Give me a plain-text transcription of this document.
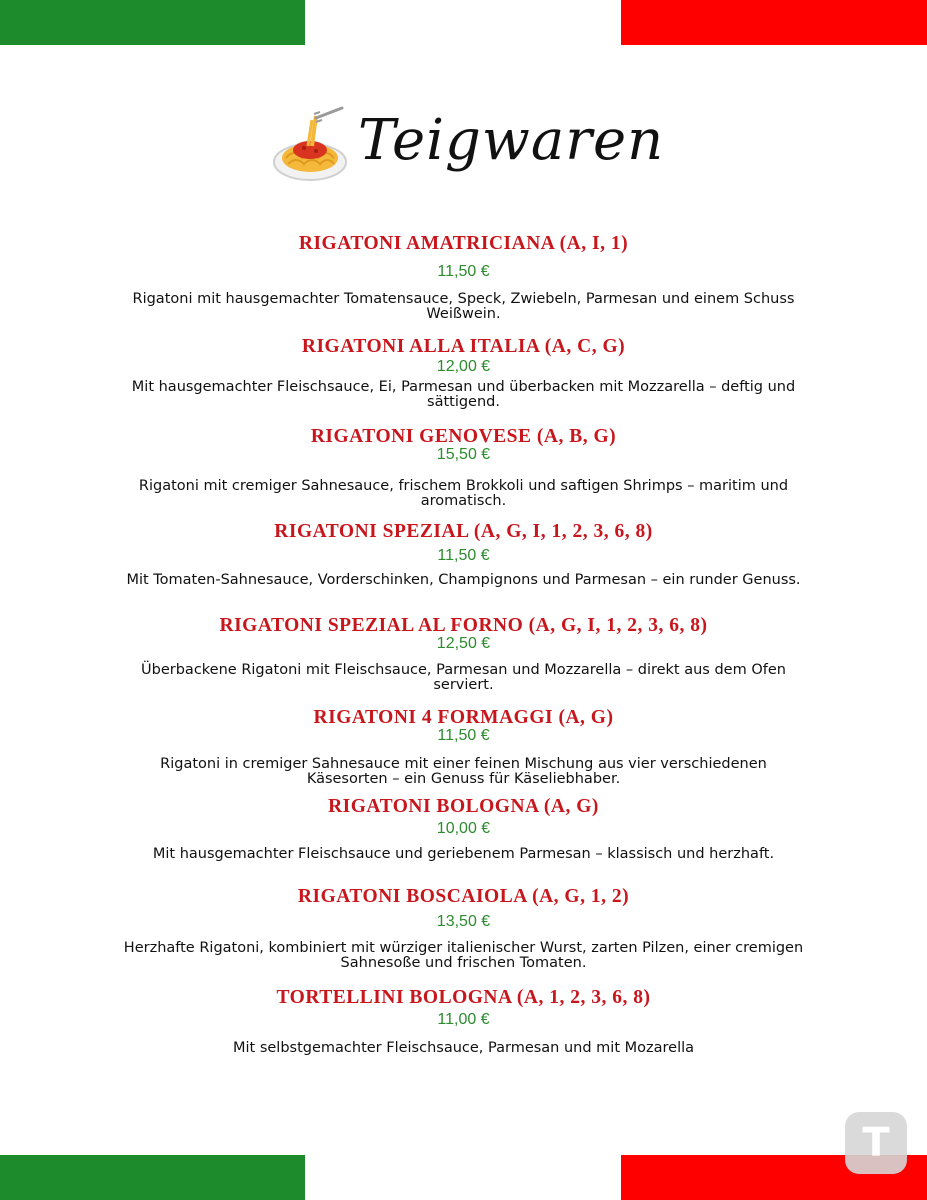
Teigwaren
RIGATONI AMATRICIANA (A, I, 1)
11,50 €
Rigatoni mit hausgemachter Tomatensauce, Speck, Zwiebeln, Parmesan und einem Schuss Weißwein.
RIGATONI ALLA ITALIA (A, C, G)
12,00 €
Mit hausgemachter Fleischsauce, Ei, Parmesan und überbacken mit Mozzarella – deftig und sättigend.
RIGATONI GENOVESE (A, B, G)
15,50 €
Rigatoni mit cremiger Sahnesauce, frischem Brokkoli und saftigen Shrimps – maritim und aromatisch.
RIGATONI SPEZIAL (A, G, I, 1, 2, 3, 6, 8)
11,50 €
Mit Tomaten-Sahnesauce, Vorderschinken, Champignons und Parmesan – ein runder Genuss.
RIGATONI SPEZIAL AL FORNO (A, G, I, 1, 2, 3, 6, 8)
12,50 €
Überbackene Rigatoni mit Fleischsauce, Parmesan und Mozzarella – direkt aus dem Ofen serviert.
RIGATONI 4 FORMAGGI (A, G)
11,50 €
Rigatoni in cremiger Sahnesauce mit einer feinen Mischung aus vier verschiedenen Käsesorten – ein Genuss für Käseliebhaber.
RIGATONI BOLOGNA (A, G)
10,00 €
Mit hausgemachter Fleischsauce und geriebenem Parmesan – klassisch und herzhaft.
RIGATONI BOSCAIOLA (A, G, 1, 2)
13,50 €
Herzhafte Rigatoni, kombiniert mit würziger italienischer Wurst, zarten Pilzen, einer cremigen Sahnesoße und frischen Tomaten.
TORTELLINI BOLOGNA (A, 1, 2, 3, 6, 8)
11,00 €
Mit selbstgemachter Fleischsauce, Parmesan und mit Mozarella
T
